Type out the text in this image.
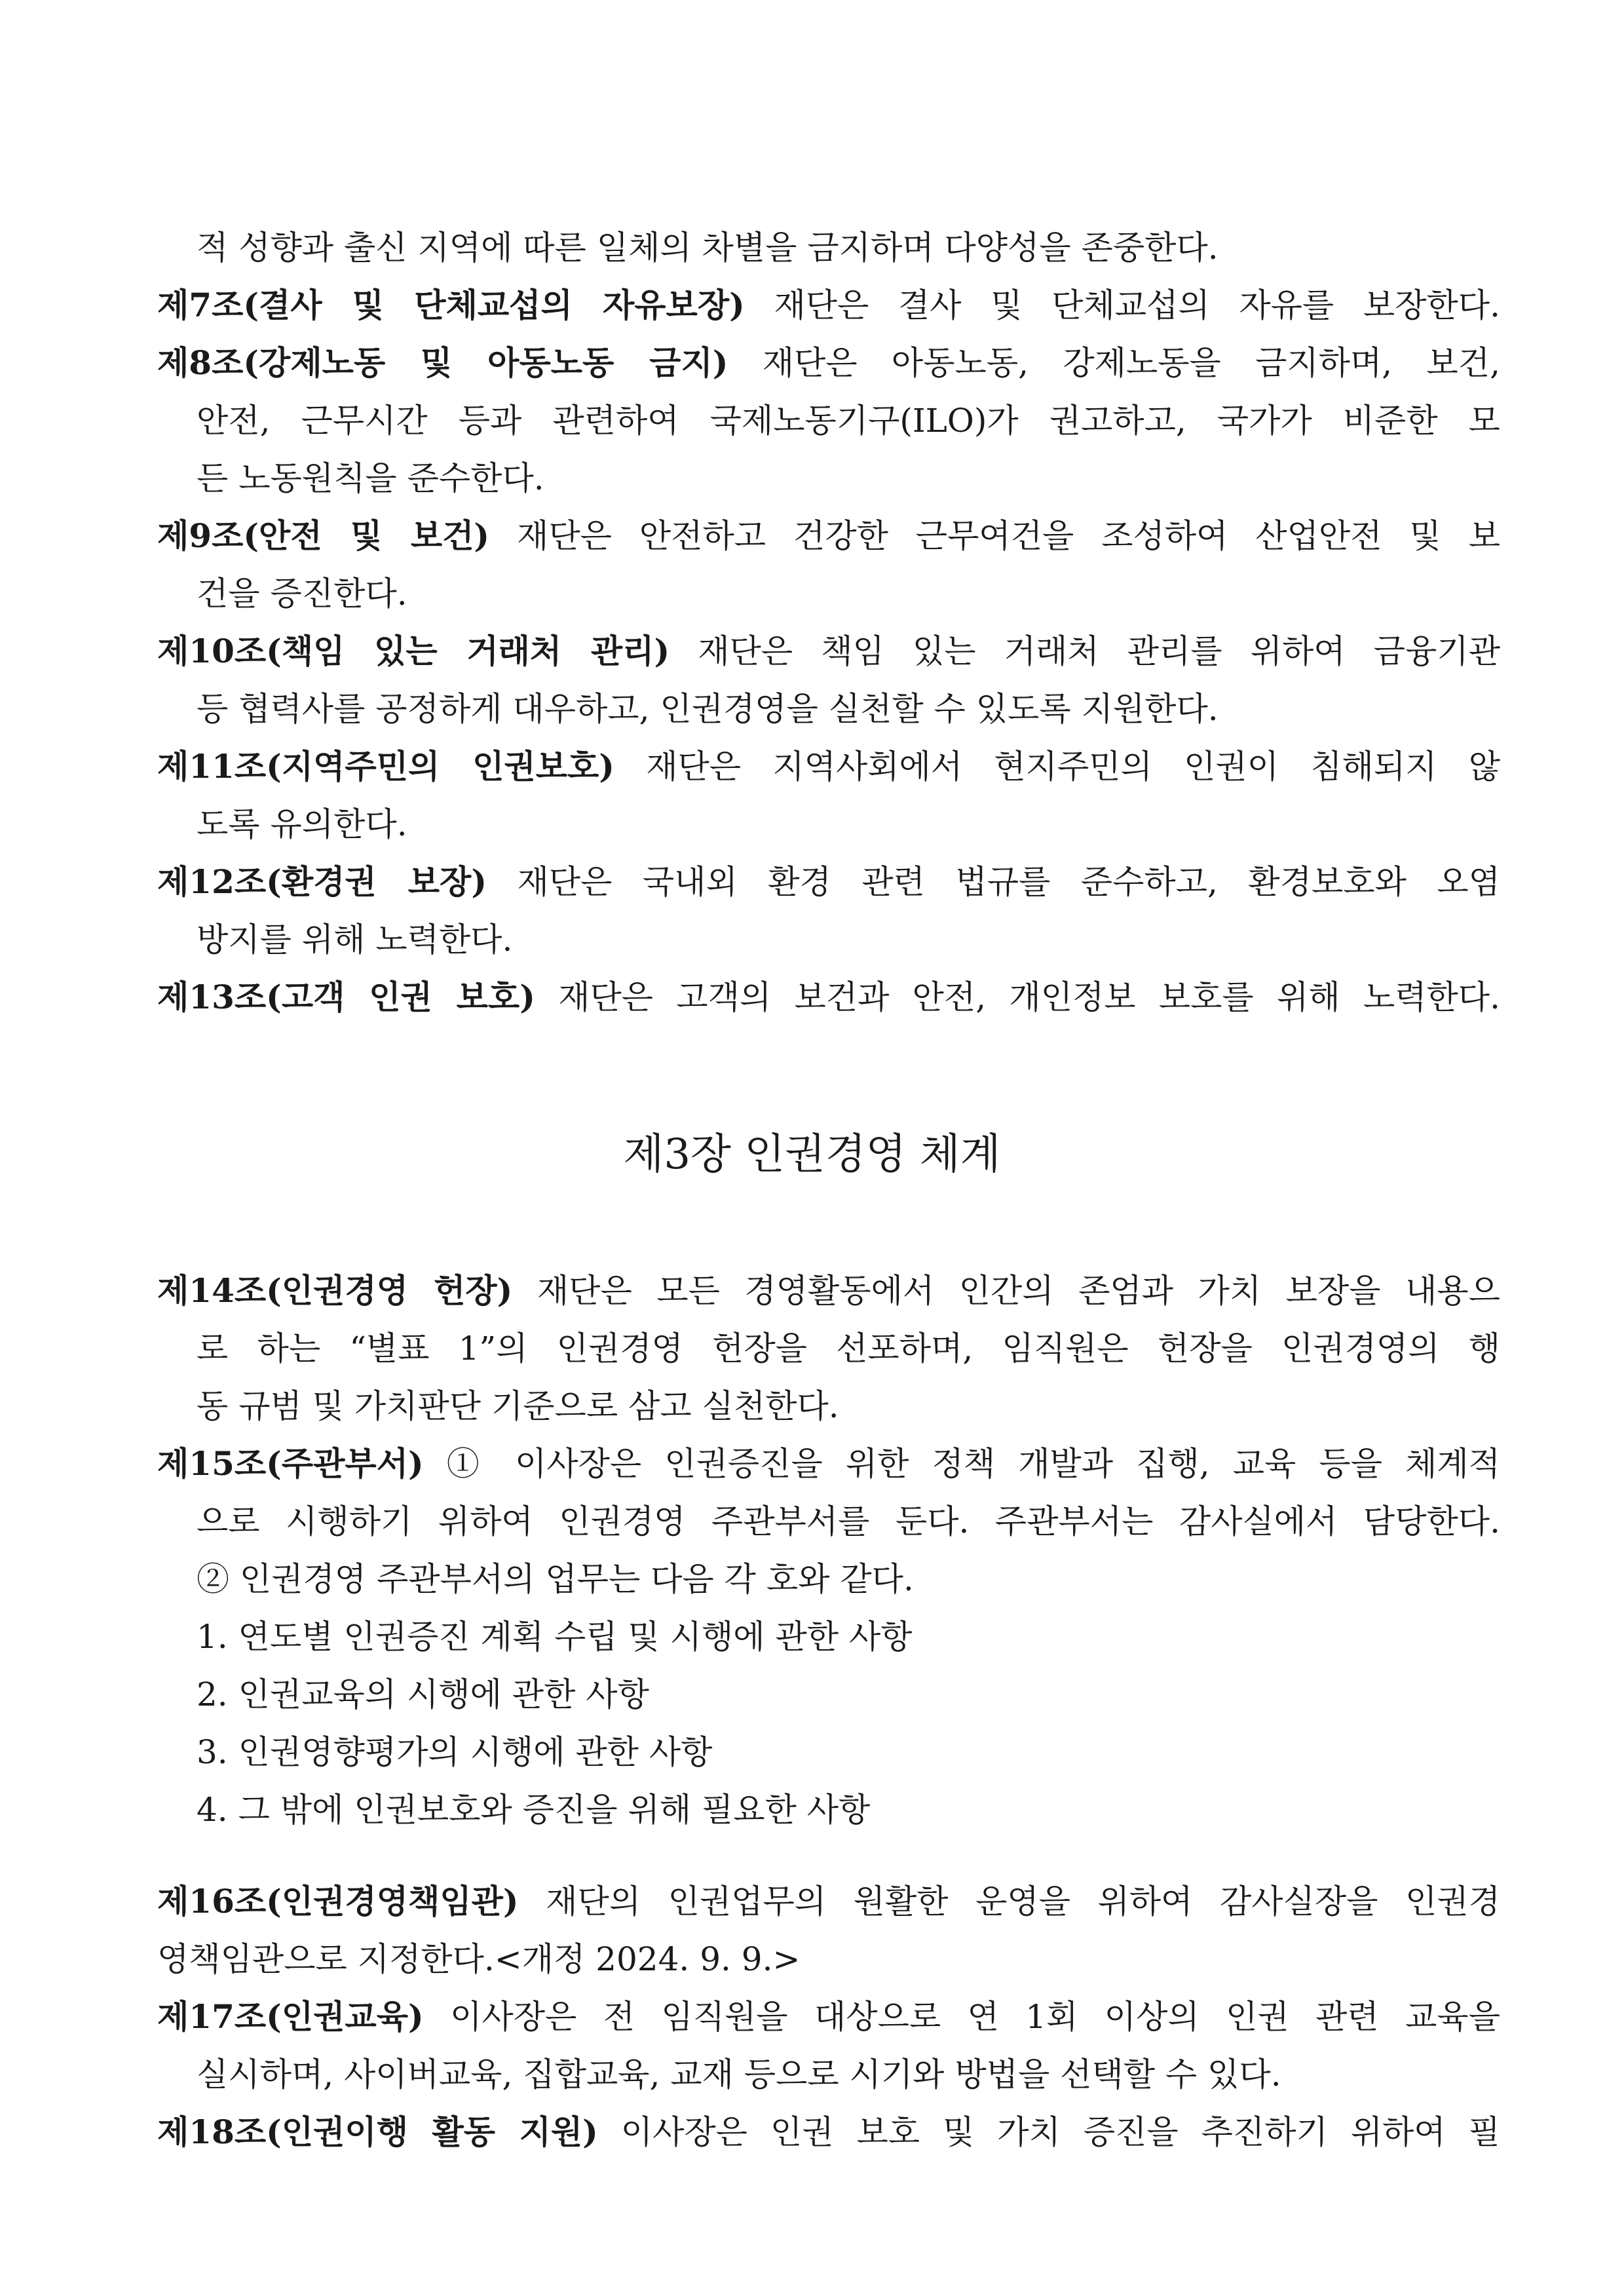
적 성향과 출신 지역에 따른 일체의 차별을 금지하며 다양성을 존중한다.
제7조(결사 및 단체교섭의 자유보장) 재단은 결사 및 단체교섭의 자유를 보장한다.
제8조(강제노동 및 아동노동 금지) 재단은 아동노동, 강제노동을 금지하며, 보건,
안전, 근무시간 등과 관련하여 국제노동기구(ILO)가 권고하고, 국가가 비준한 모
든 노동원칙을 준수한다.
제9조(안전 및 보건) 재단은 안전하고 건강한 근무여건을 조성하여 산업안전 및 보
건을 증진한다.
제10조(책임 있는 거래처 관리) 재단은 책임 있는 거래처 관리를 위하여 금융기관
등 협력사를 공정하게 대우하고, 인권경영을 실천할 수 있도록 지원한다.
제11조(지역주민의 인권보호) 재단은 지역사회에서 현지주민의 인권이 침해되지 않
도록 유의한다.
제12조(환경권 보장) 재단은 국내외 환경 관련 법규를 준수하고, 환경보호와 오염
방지를 위해 노력한다.
제13조(고객 인권 보호) 재단은 고객의 보건과 안전, 개인정보 보호를 위해 노력한다.
제3장 인권경영 체계
제14조(인권경영 헌장) 재단은 모든 경영활동에서 인간의 존엄과 가치 보장을 내용으
로 하는 “별표 1”의 인권경영 헌장을 선포하며, 임직원은 헌장을 인권경영의 행
동 규범 및 가치판단 기준으로 삼고 실천한다.
제15조(주관부서) ① 이사장은 인권증진을 위한 정책 개발과 집행, 교육 등을 체계적
으로 시행하기 위하여 인권경영 주관부서를 둔다. 주관부서는 감사실에서 담당한다.
② 인권경영 주관부서의 업무는 다음 각 호와 같다.
1. 연도별 인권증진 계획 수립 및 시행에 관한 사항
2. 인권교육의 시행에 관한 사항
3. 인권영향평가의 시행에 관한 사항
4. 그 밖에 인권보호와 증진을 위해 필요한 사항
제16조(인권경영책임관) 재단의 인권업무의 원활한 운영을 위하여 감사실장을 인권경
영책임관으로 지정한다.<개정 2024. 9. 9.>
제17조(인권교육) 이사장은 전 임직원을 대상으로 연 1회 이상의 인권 관련 교육을
실시하며, 사이버교육, 집합교육, 교재 등으로 시기와 방법을 선택할 수 있다.
제18조(인권이행 활동 지원) 이사장은 인권 보호 및 가치 증진을 추진하기 위하여 필
